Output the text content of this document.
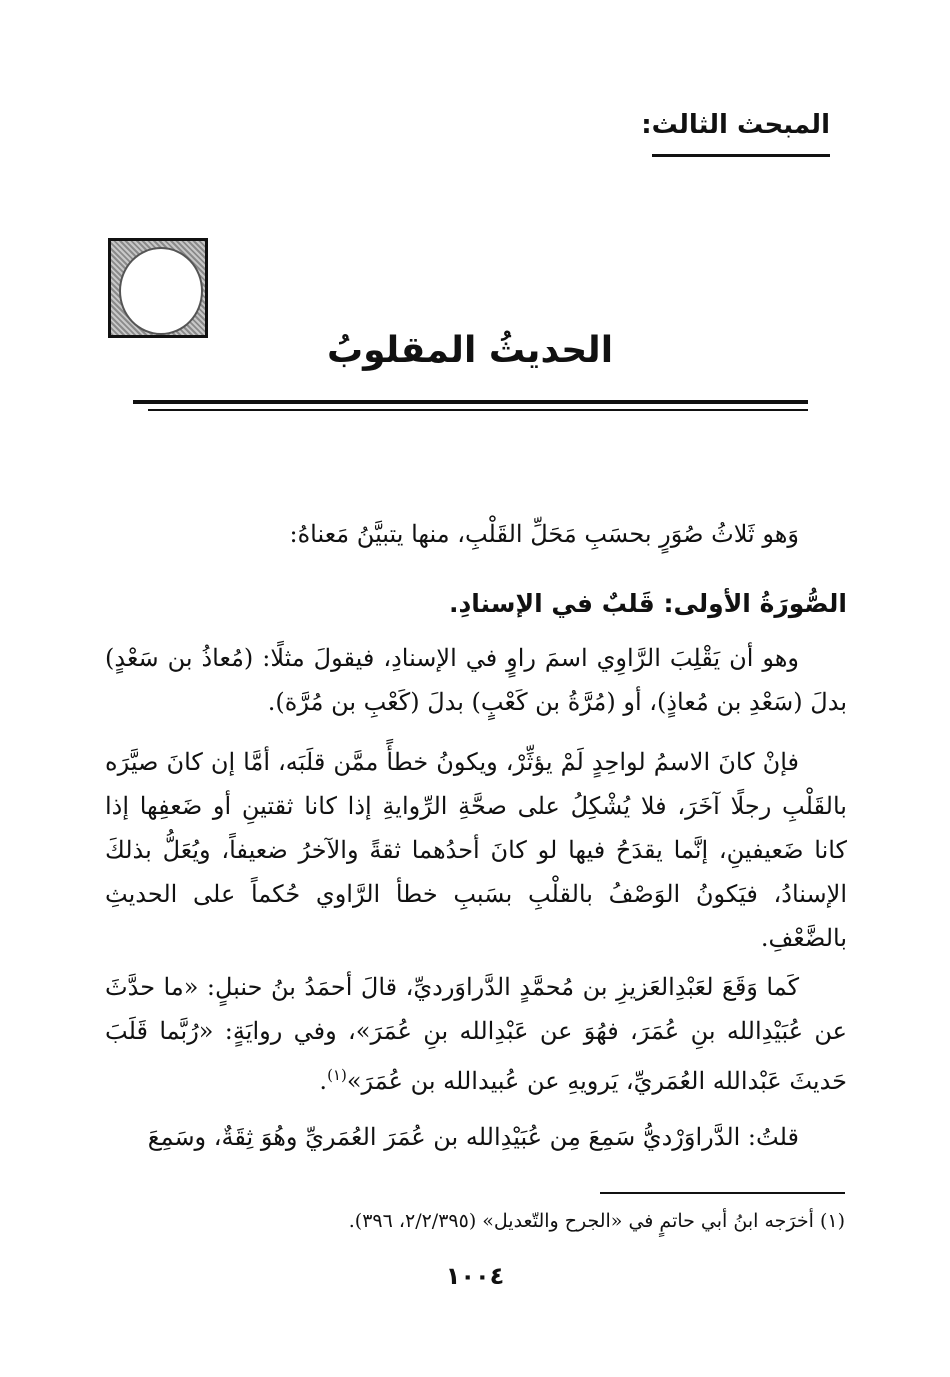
المبحث الثالث:
الحديثُ المقلوبُ
وَهو ثَلاثُ صُوَرٍ بحسَبِ مَحَلِّ القَلْبِ، منها يتبيَّنُ مَعناهُ:
الصُّورَةُ الأولى: قَلبٌ في الإسنادِ.
وهو أن يَقْلِبَ الرَّاوِي اسمَ راوٍ في الإسنادِ، فيقولَ مثلًا: (مُعاذُ بن سَعْدٍ) بدلَ (سَعْدِ بن مُعاذٍ)، أو (مُرَّةُ بن كَعْبٍ) بدلَ (كَعْبِ بن مُرَّة).
فإنْ كانَ الاسمُ لواحِدٍ لَمْ يؤثِّرْ، ويكونُ خطأً ممَّن قلَبَه، أمَّا إن كانَ صيَّرَه بالقَلْبِ رجلًا آخَرَ، فلا يُشْكِلُ على صحَّةِ الرِّوايةِ إذا كانا ثقتينِ أو ضَعفِها إذا كانا ضَعيفينِ، إنَّما يقدَحُ فيها لو كانَ أحدُهما ثقةً والآخرُ ضعيفاً، ويُعَلُّ بذلكَ الإسنادُ، فيَكونُ الوَصْفُ بالقلْبِ بسَببِ خطأ الرَّاوي حُكماً على الحديثِ بالضَّعْفِ.
كَما وَقَعَ لعَبْدِالعَزيزِ بن مُحمَّدٍ الدَّراوَرديِّ، قالَ أحمَدُ بنُ حنبلٍ: «ما حدَّثَ عن عُبَيْدِالله بنِ عُمَرَ، فهُوَ عن عَبْدِالله بنِ عُمَرَ»، وفي روايَةٍ: «رُبَّما قَلَبَ حَديثَ عَبْدالله العُمَريِّ، يَرويهِ عن عُبيدالله بن عُمَرَ»$^{(١)}$.
قلتُ: الدَّراوَرْديُّ سَمِعَ مِن عُبَيْدِالله بن عُمَرَ العُمَريِّ وهُوَ ثِقَةٌ، وسَمِعَ
(١) أخرَجه ابنُ أبي حاتمٍ في «الجرح والتّعديل» (٢/٢/٣٩٥، ٣٩٦).
١٠٠٤
